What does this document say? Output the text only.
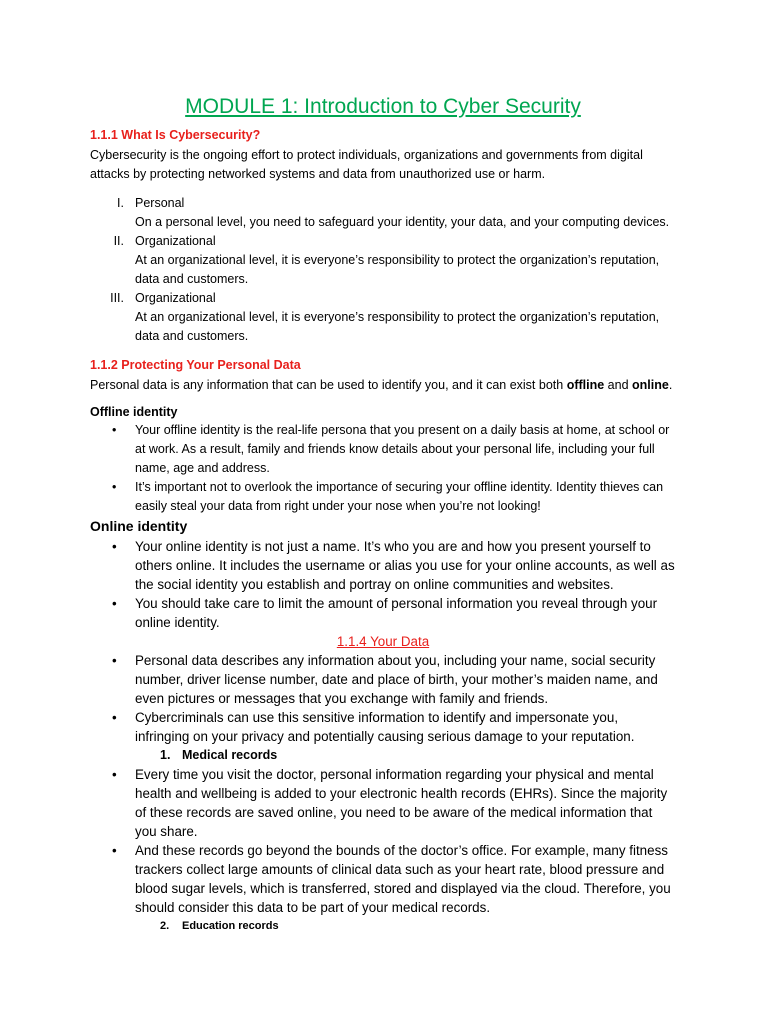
MODULE 1: Introduction to Cyber Security
1.1.1 What Is Cybersecurity?

Cybersecurity is the ongoing effort to protect individuals, organizations and governments from digital attacks by protecting networked systems and data from unauthorized use or harm.

I. Personal
On a personal level, you need to safeguard your identity, your data, and your computing devices.
II. Organizational
At an organizational level, it is everyone’s responsibility to protect the organization’s reputation, data and customers.
III. Organizational
At an organizational level, it is everyone’s responsibility to protect the organization’s reputation, data and customers.
1.1.2 Protecting Your Personal Data

Personal data is any information that can be used to identify you, and it can exist both offline and online.

Offline identity
• Your offline identity is the real-life persona that you present on a daily basis at home, at school or at work. As a result, family and friends know details about your personal life, including your full name, age and address.
• It’s important not to overlook the importance of securing your offline identity. Identity thieves can easily steal your data from right under your nose when you’re not looking!
Online identity
• Your online identity is not just a name. It’s who you are and how you present yourself to others online. It includes the username or alias you use for your online accounts, as well as the social identity you establish and portray on online communities and websites.
• You should take care to limit the amount of personal information you reveal through your online identity.

1.1.4 Your Data

• Personal data describes any information about you, including your name, social security number, driver license number, date and place of birth, your mother’s maiden name, and even pictures or messages that you exchange with family and friends.
• Cybercriminals can use this sensitive information to identify and impersonate you, infringing on your privacy and potentially causing serious damage to your reputation.

1. Medical records

• Every time you visit the doctor, personal information regarding your physical and mental health and wellbeing is added to your electronic health records (EHRs). Since the majority of these records are saved online, you need to be aware of the medical information that you share.
• And these records go beyond the bounds of the doctor’s office. For example, many fitness trackers collect large amounts of clinical data such as your heart rate, blood pressure and blood sugar levels, which is transferred, stored and displayed via the cloud. Therefore, you should consider this data to be part of your medical records.

2. Education records
